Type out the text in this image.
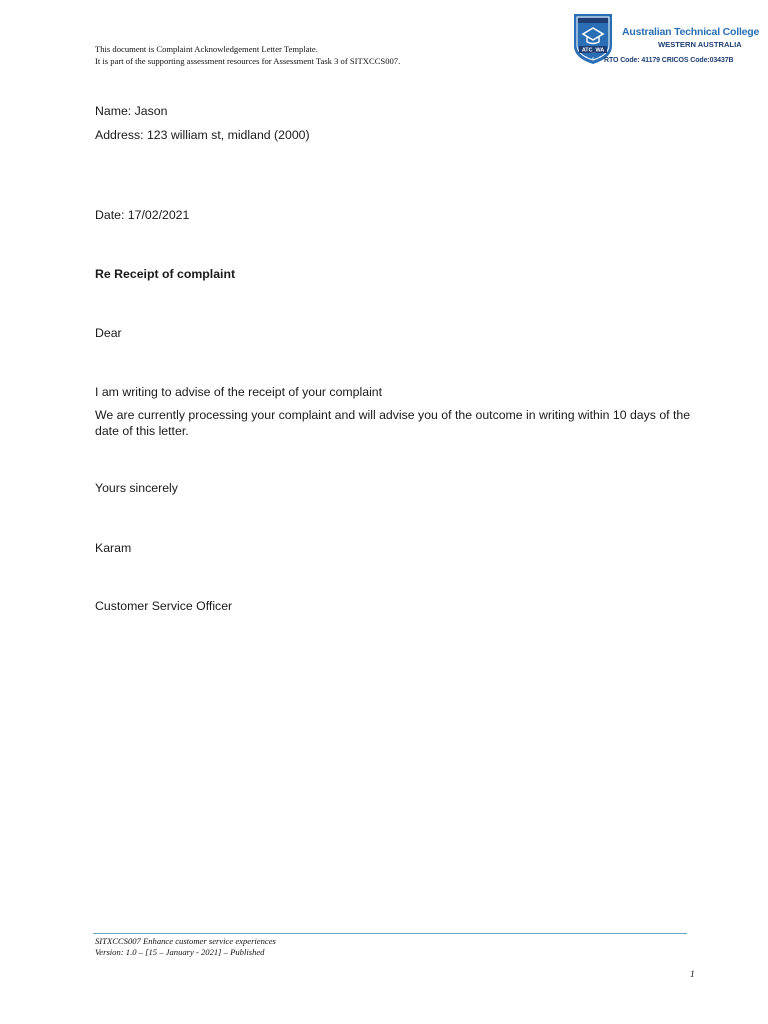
This document is Complaint Acknowledgement Letter Template.
It is part of the supporting assessment resources for Assessment Task 3 of SITXCCS007.
ATC_WA
Australian Technical College
WESTERN AUSTRALIA
RTO Code: 41179 CRICOS Code:03437B
Name: Jason
Address: 123 william st, midland (2000)
Date: 17/02/2021
Re Receipt of complaint
Dear
I am writing to advise of the receipt of your complaint
We are currently processing your complaint and will advise you of the outcome in writing within 10 days of the date of this letter.
Yours sincerely
Karam
Customer Service Officer
SITXCCS007 Enhance customer service experiences
Version: 1.0 – [15 – January - 2021] – Published
1
